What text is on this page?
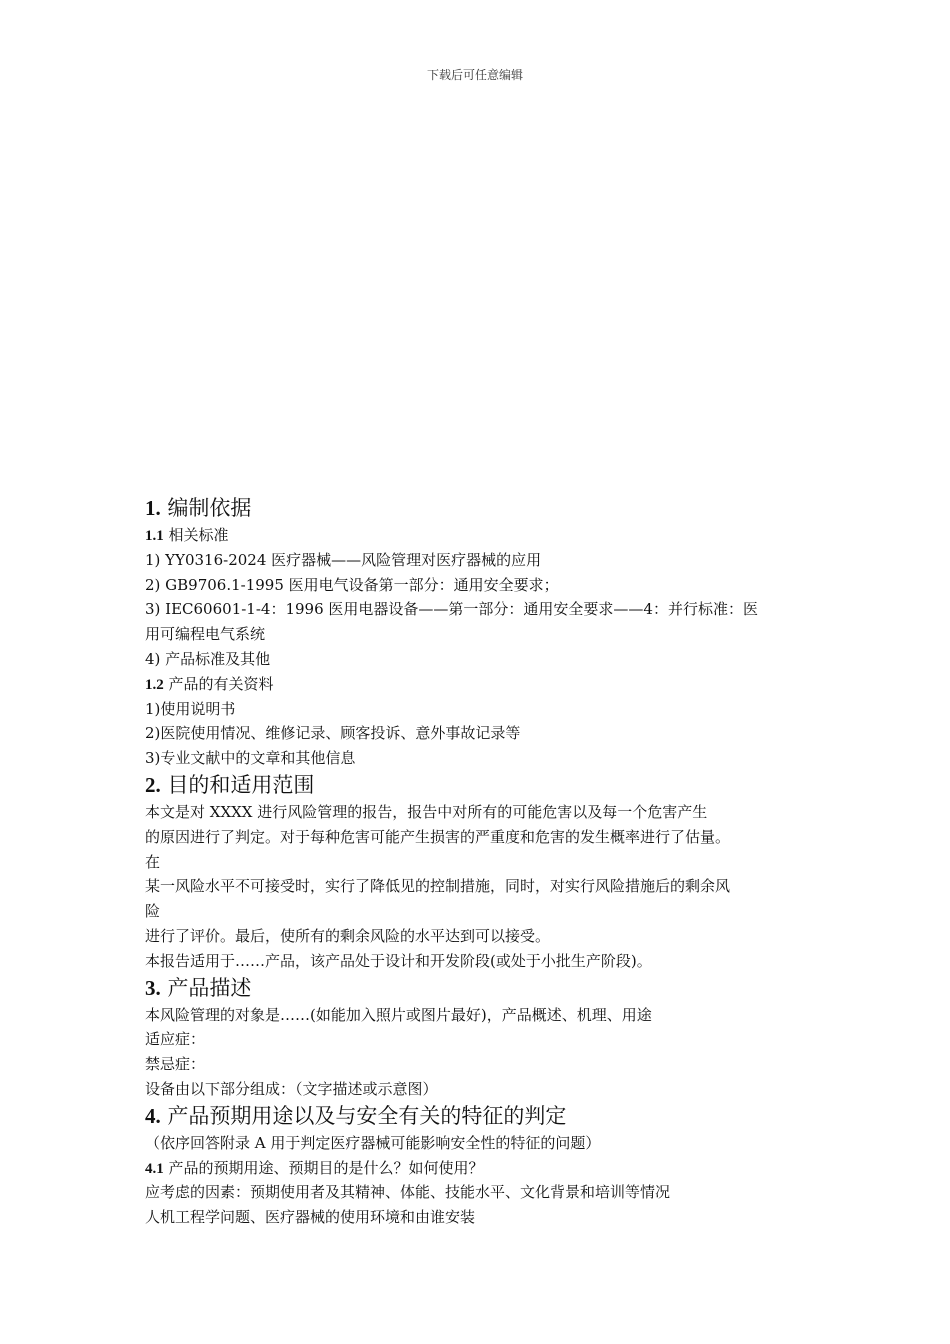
下载后可任意编辑
1. 编制依据
1.1 相关标准
1) YY0316-2024 医疗器械——风险管理对医疗器械的应用
2) GB9706.1-1995 医用电气设备第一部分：通用安全要求；
3) IEC60601-1-4：1996 医用电器设备——第一部分：通用安全要求——4：并行标准：医
用可编程电气系统
4) 产品标准及其他
1.2 产品的有关资料
1)使用说明书
2)医院使用情况、维修记录、顾客投诉、意外事故记录等
3)专业文献中的文章和其他信息
2. 目的和适用范围
本文是对 XXXX 进行风险管理的报告，报告中对所有的可能危害以及每一个危害产生
的原因进行了判定。对于每种危害可能产生损害的严重度和危害的发生概率进行了估量。
在
某一风险水平不可接受时，实行了降低见的控制措施，同时，对实行风险措施后的剩余风
险
进行了评价。最后，使所有的剩余风险的水平达到可以接受。
本报告适用于……产品，该产品处于设计和开发阶段(或处于小批生产阶段)。
3. 产品描述
本风险管理的对象是……(如能加入照片或图片最好)，产品概述、机理、用途
适应症：
禁忌症：
设备由以下部分组成：（文字描述或示意图）
4. 产品预期用途以及与安全有关的特征的判定
（依序回答附录 A 用于判定医疗器械可能影响安全性的特征的问题）
4.1 产品的预期用途、预期目的是什么？如何使用？
应考虑的因素：预期使用者及其精神、体能、技能水平、文化背景和培训等情况
人机工程学问题、医疗器械的使用环境和由谁安装
